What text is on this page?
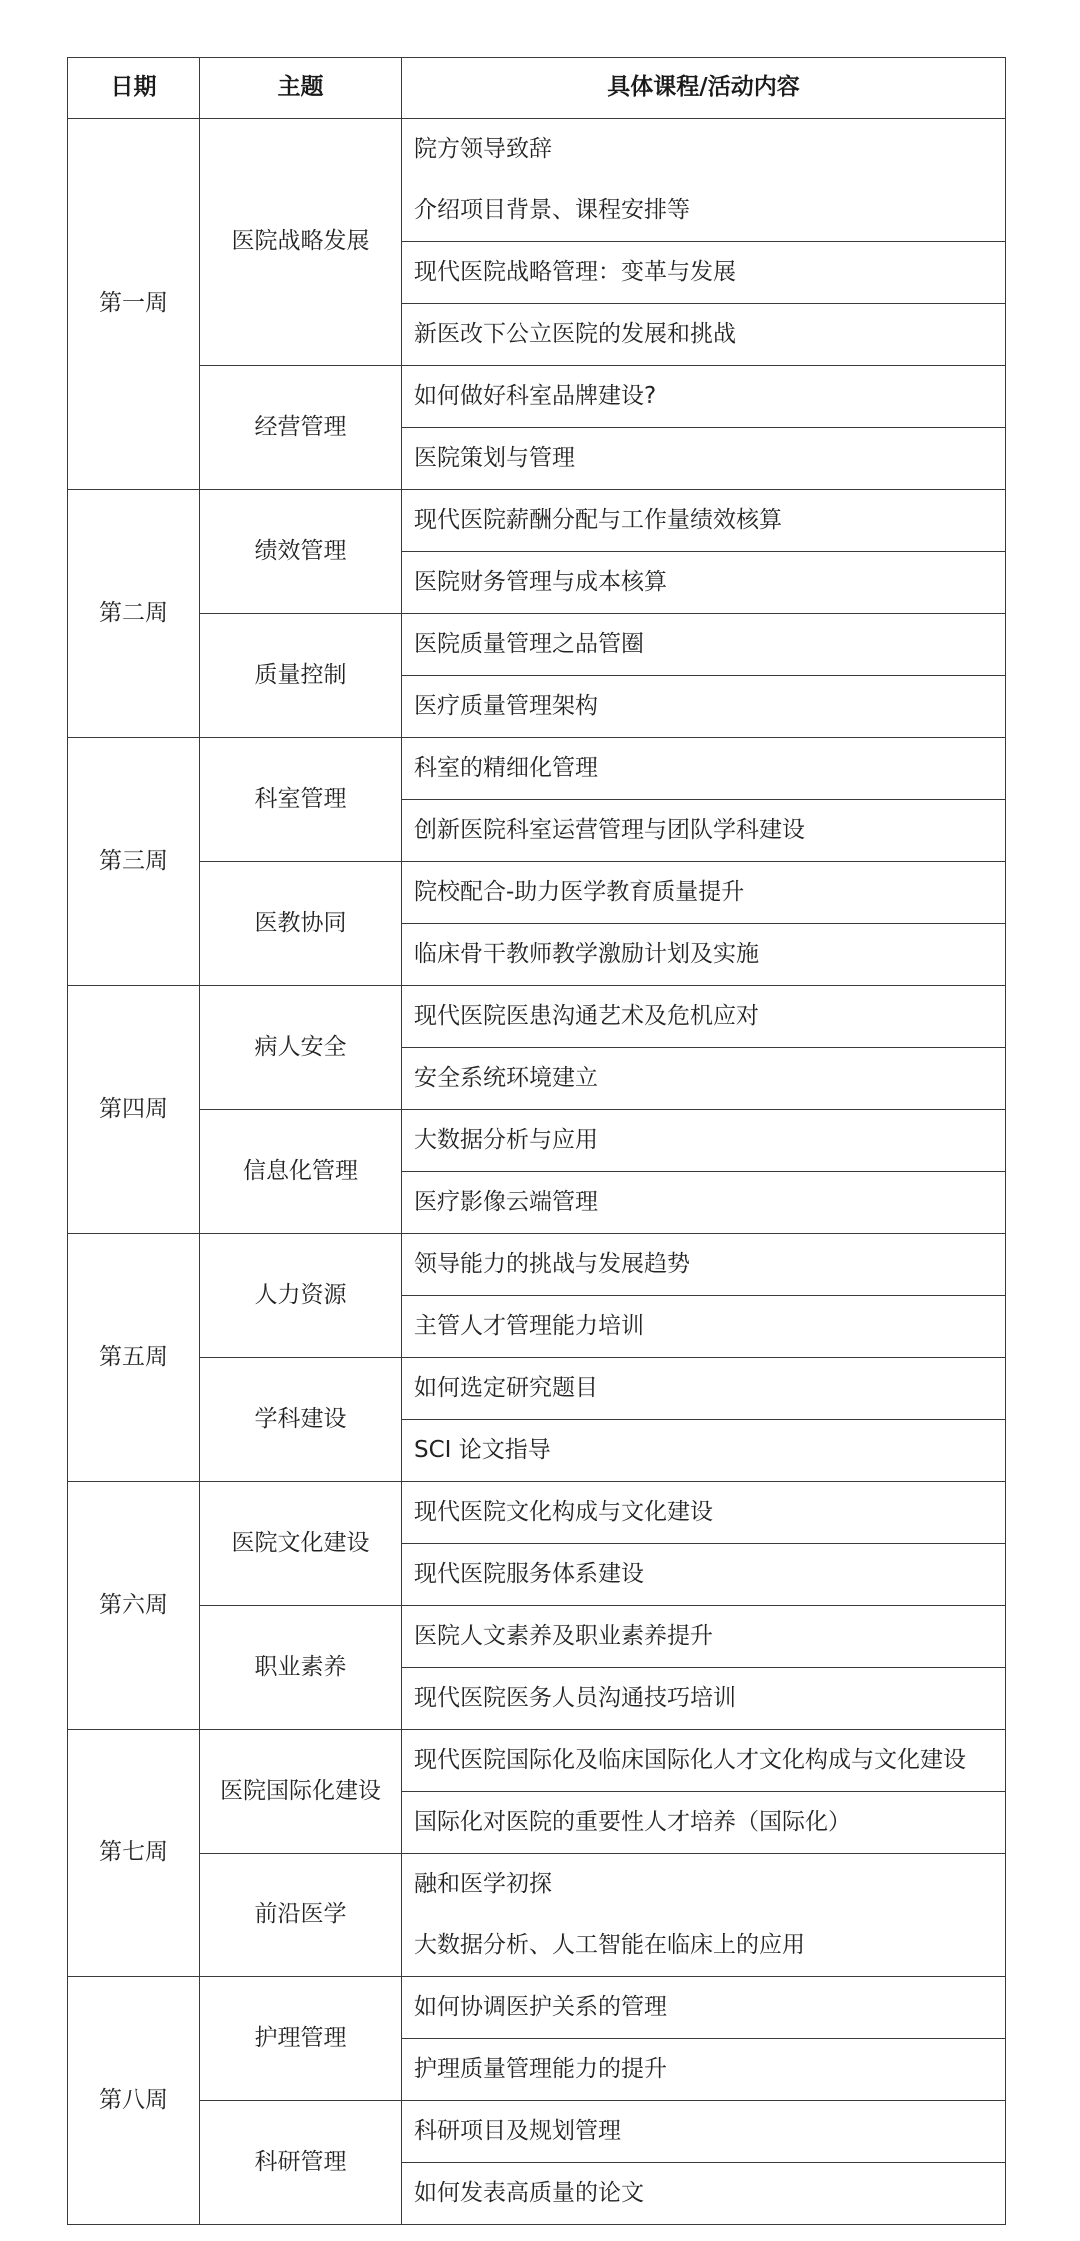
日期	主题	具体课程/活动内容
第一周	医院战略发展	院方领导致辞
		介绍项目背景、课程安排等
		现代医院战略管理：变革与发展
		新医改下公立医院的发展和挑战
	经营管理	如何做好科室品牌建设?
		医院策划与管理
第二周	绩效管理	现代医院薪酬分配与工作量绩效核算
		医院财务管理与成本核算
	质量控制	医院质量管理之品管圈
		医疗质量管理架构
第三周	科室管理	科室的精细化管理
		创新医院科室运营管理与团队学科建设
	医教协同	院校配合-助力医学教育质量提升
		临床骨干教师教学激励计划及实施
第四周	病人安全	现代医院医患沟通艺术及危机应对
		安全系统环境建立
	信息化管理	大数据分析与应用
		医疗影像云端管理
第五周	人力资源	领导能力的挑战与发展趋势
		主管人才管理能力培训
	学科建设	如何选定研究题目
		SCI 论文指导
第六周	医院文化建设	现代医院文化构成与文化建设
		现代医院服务体系建设
	职业素养	医院人文素养及职业素养提升
		现代医院医务人员沟通技巧培训
第七周	医院国际化建设	现代医院国际化及临床国际化人才文化构成与文化建设
		国际化对医院的重要性人才培养（国际化）
	前沿医学	融和医学初探
		大数据分析、人工智能在临床上的应用
第八周	护理管理	如何协调医护关系的管理
		护理质量管理能力的提升
	科研管理	科研项目及规划管理
		如何发表高质量的论文
